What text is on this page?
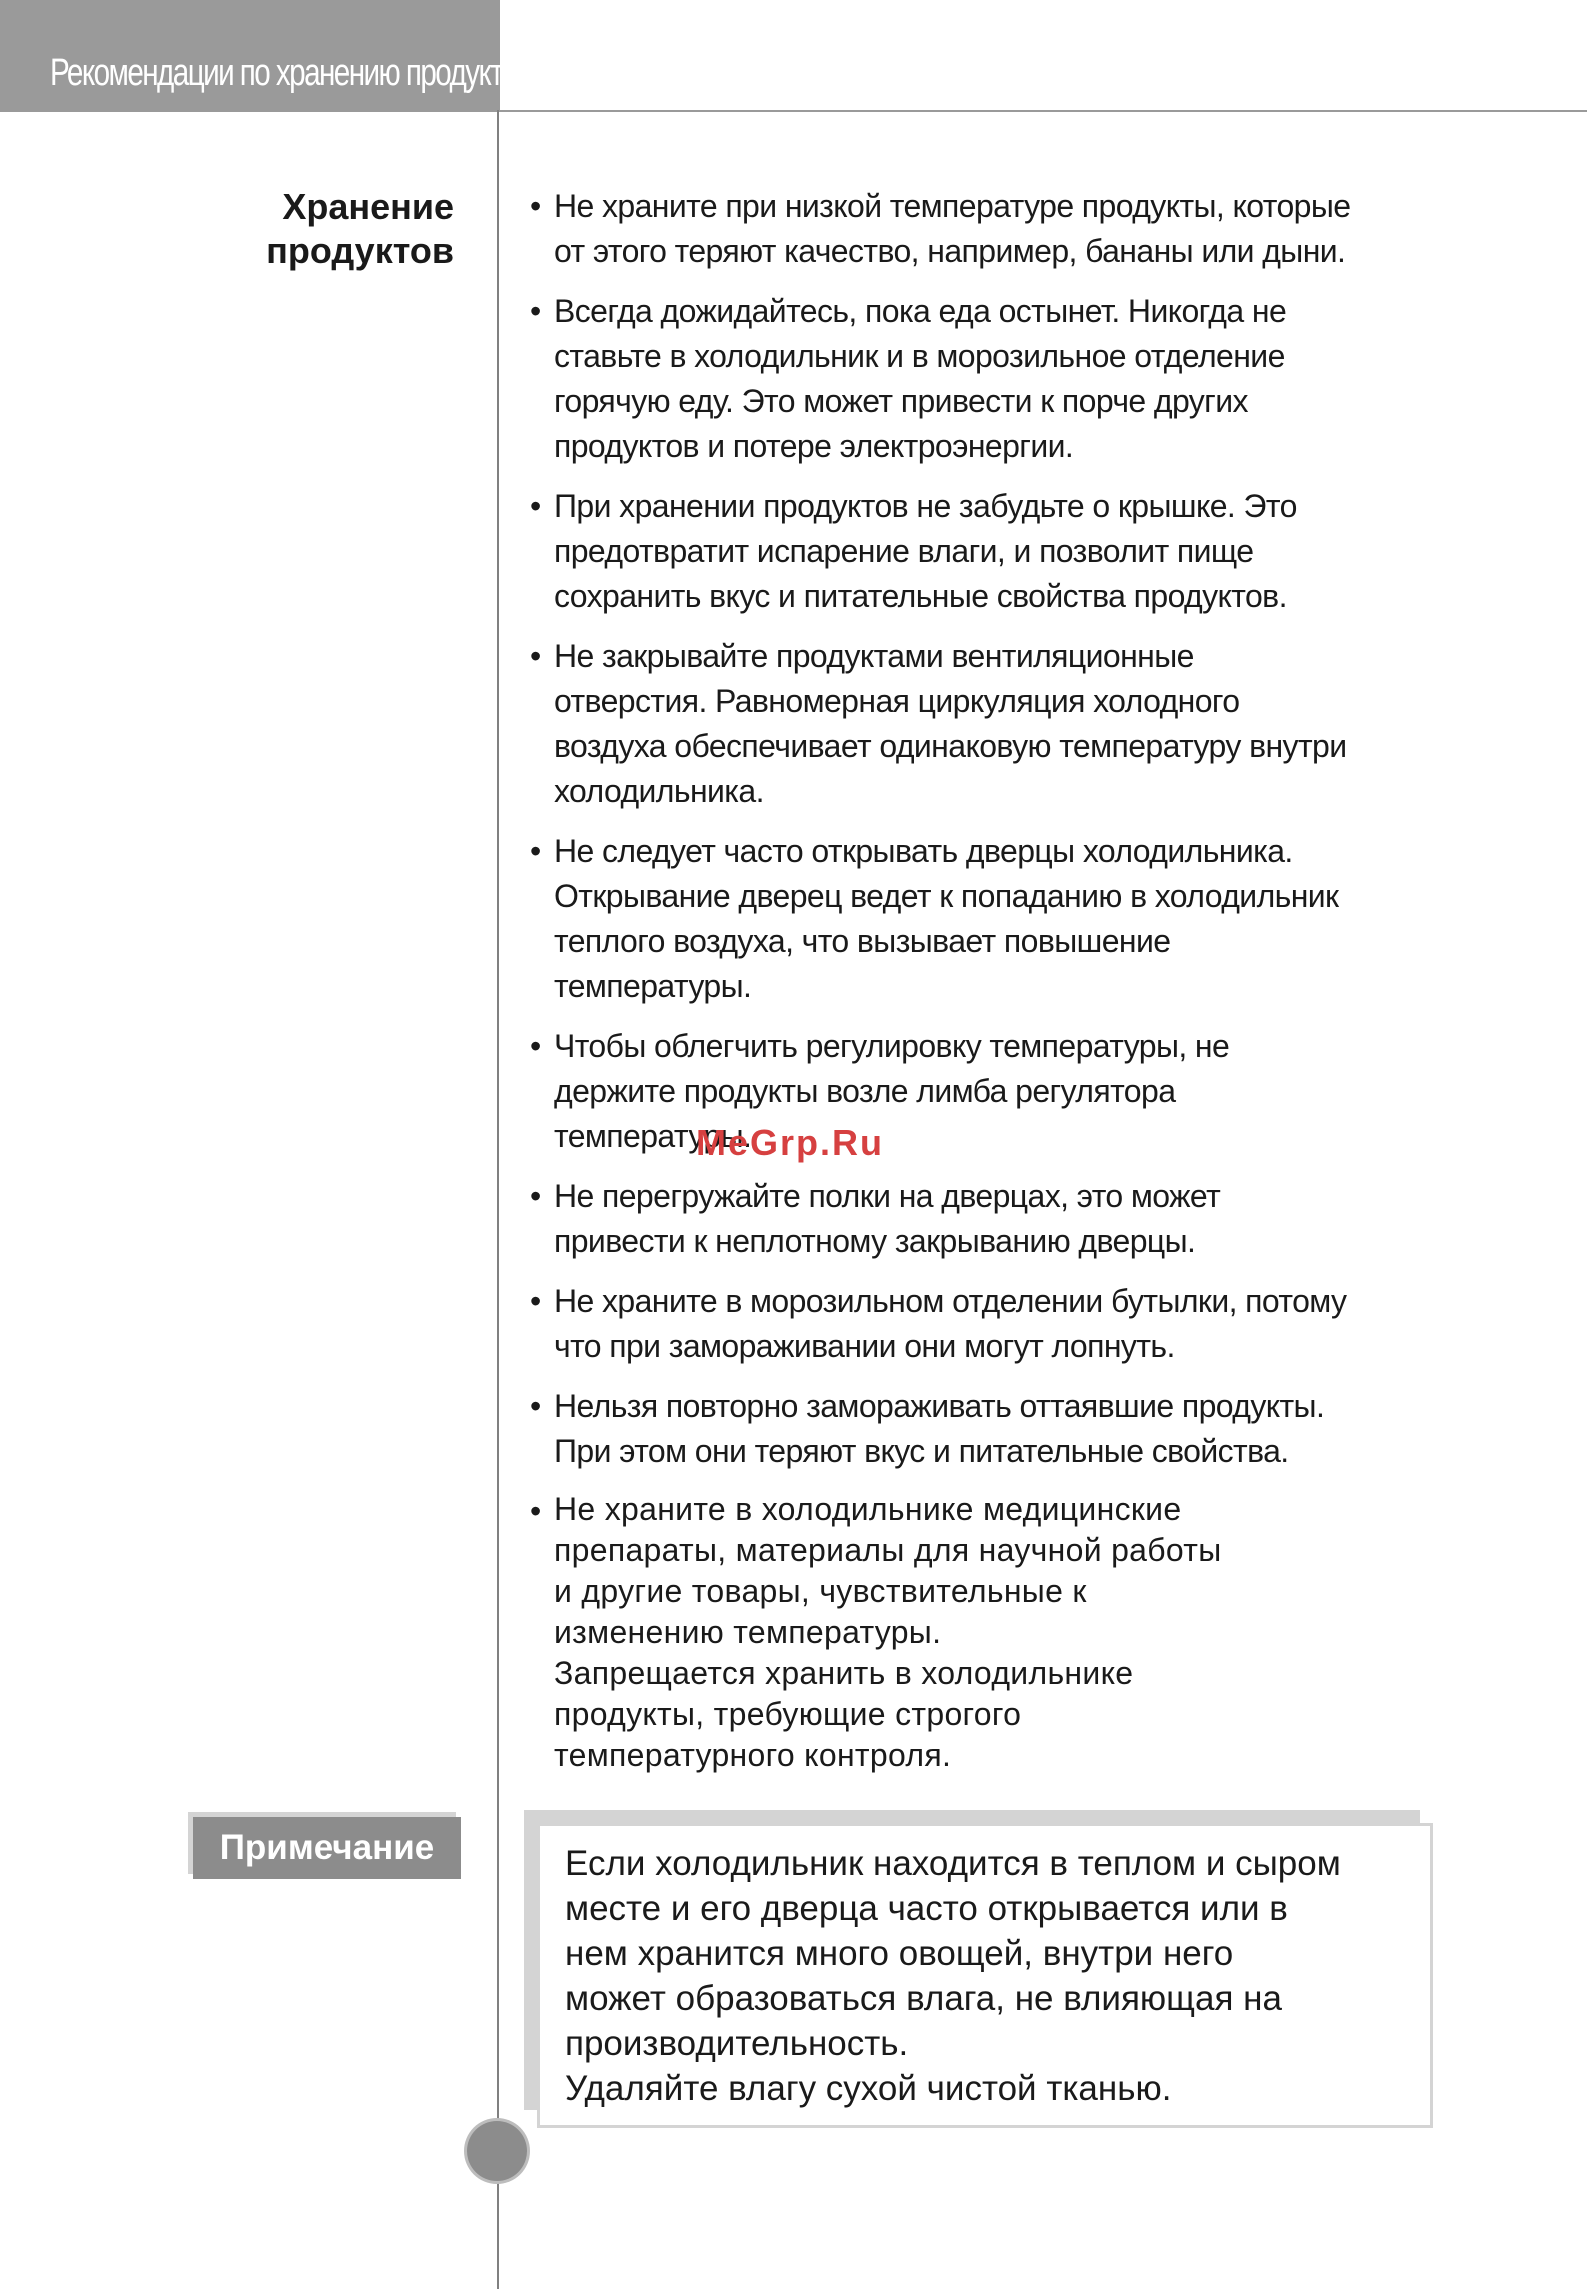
Рекомендации по хранению продуктов
Хранение
продуктов
• Не храните при низкой температуре продукты, которые
от этого теряют качество, например, бананы или дыни.
• Всегда дожидайтесь, пока еда остынет. Никогда не
ставьте в холодильник и в морозильное отделение
горячую еду. Это может привести к порче других
продуктов и потере электроэнергии.
• При хранении продуктов не забудьте о крышке. Это
предотвратит испарение влаги, и позволит пище
сохранить вкус и питательные свойства продуктов.
• Не закрывайте продуктами вентиляционные
отверстия. Равномерная циркуляция холодного
воздуха обеспечивает одинаковую температуру внутри
холодильника.
• Не следует часто открывать дверцы холодильника.
Открывание дверец ведет к попаданию в холодильник
теплого воздуха, что вызывает повышение
температуры.
• Чтобы облегчить регулировку температуры, не
держите продукты возле лимба регулятора
температуры.
• Не перегружайте полки на дверцах, это может
привести к неплотному закрыванию дверцы.
• Не храните в морозильном отделении бутылки, потому
что при замораживании они могут лопнуть.
• Нельзя повторно замораживать оттаявшие продукты.
При этом они теряют вкус и питательные свойства.
• Не храните в холодильнике медицинские
препараты, материалы для научной работы
и другие товары, чувствительные к
изменению температуры.
Запрещается хранить в холодильнике
продукты, требующие строгого
температурного контроля.
Примечание	Если холодильник находится в теплом и сыром
месте и его дверца часто открывается или в
нем хранится много овощей, внутри него
может образоваться влага, не влияющая на
производительность.
Удаляйте влагу сухой чистой тканью.
MeGrp.Ru
